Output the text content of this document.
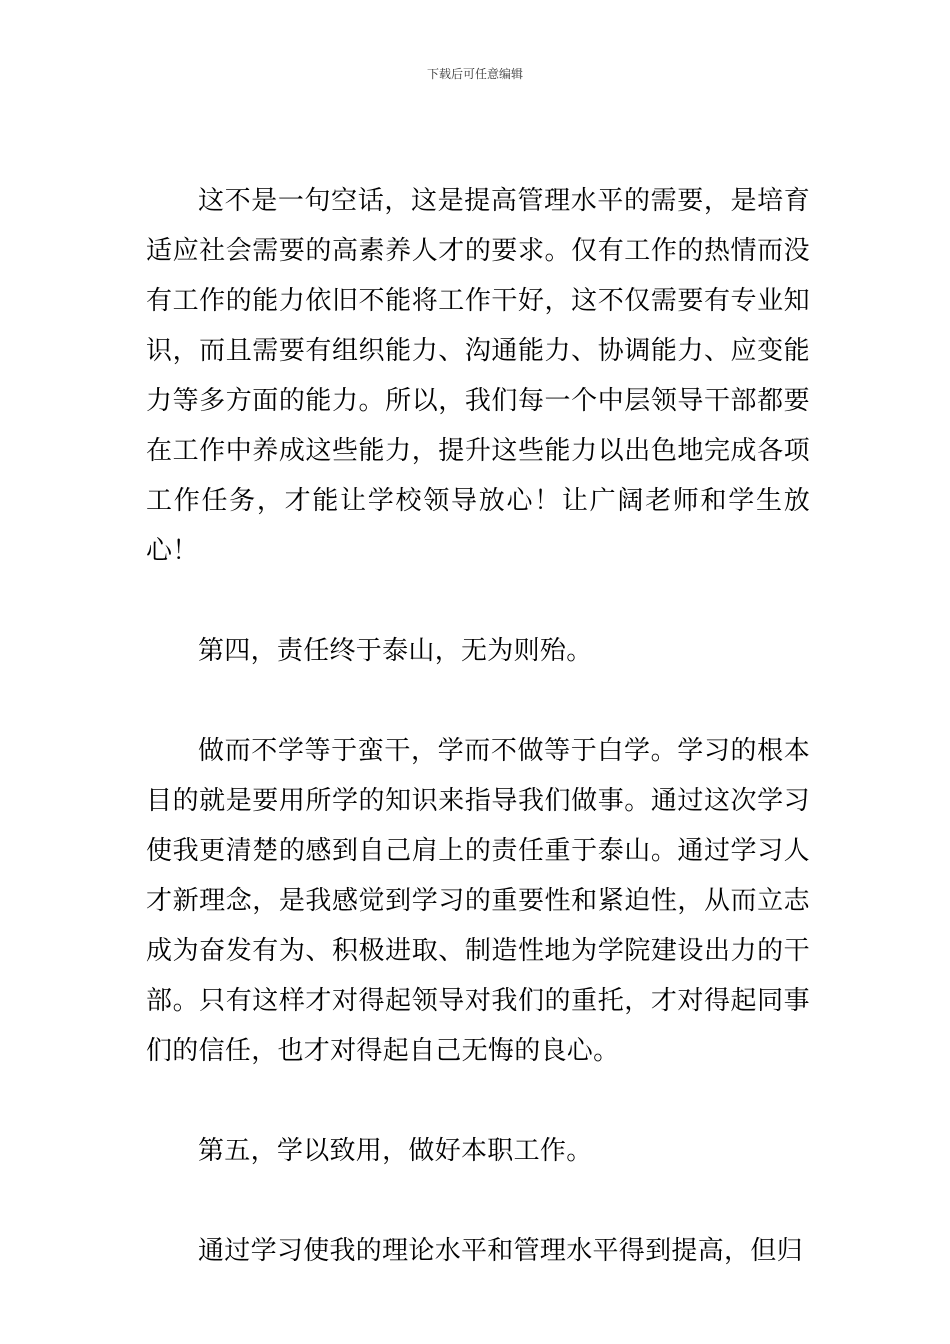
下载后可任意编辑

这不是一句空话，这是提高管理水平的需要，是培育适应社会需要的高素养人才的要求。仅有工作的热情而没有工作的能力依旧不能将工作干好，这不仅需要有专业知识，而且需要有组织能力、沟通能力、协调能力、应变能力等多方面的能力。所以，我们每一个中层领导干部都要在工作中养成这些能力，提升这些能力以出色地完成各项工作任务，才能让学校领导放心！让广阔老师和学生放心！

第四，责任终于泰山，无为则殆。

做而不学等于蛮干，学而不做等于白学。学习的根本目的就是要用所学的知识来指导我们做事。通过这次学习使我更清楚的感到自己肩上的责任重于泰山。通过学习人才新理念，是我感觉到学习的重要性和紧迫性，从而立志成为奋发有为、积极进取、制造性地为学院建设出力的干部。只有这样才对得起领导对我们的重托，才对得起同事们的信任，也才对得起自己无悔的良心。

第五，学以致用，做好本职工作。

通过学习使我的理论水平和管理水平得到提高，但归
